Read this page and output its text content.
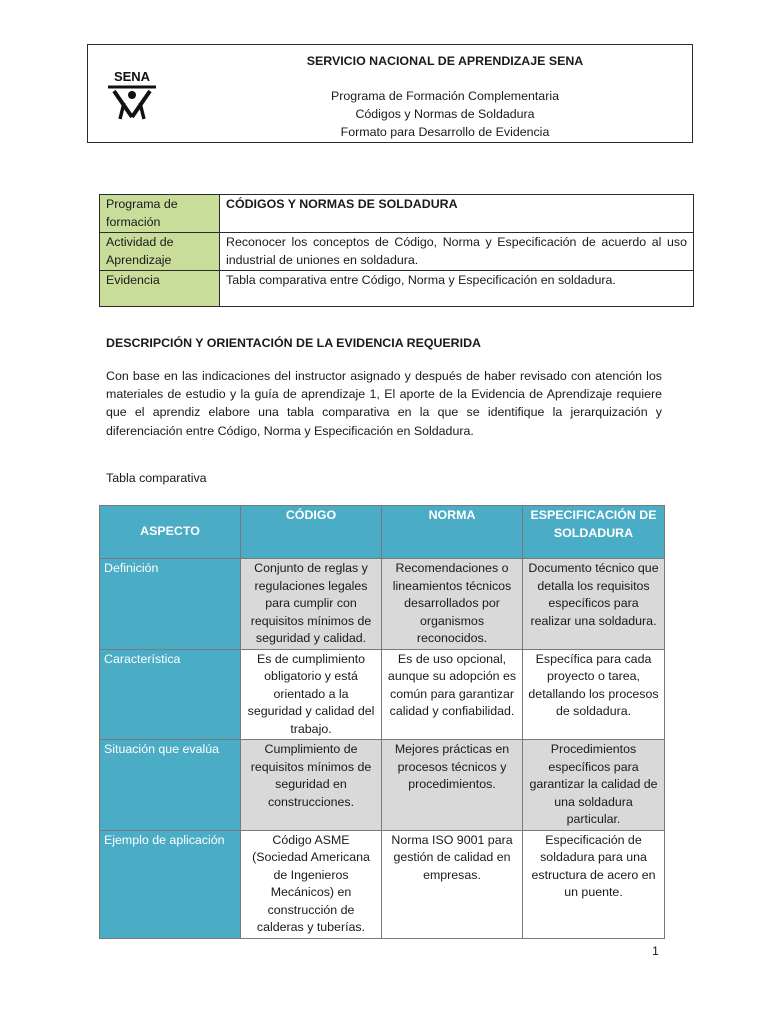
SENA
SERVICIO NACIONAL DE APRENDIZAJE SENA
Programa de Formación Complementaria
Códigos y Normas de Soldadura
Formato para Desarrollo de Evidencia
Programa de formación	CÓDIGOS Y NORMAS DE SOLDADURA
Actividad de Aprendizaje	Reconocer los conceptos de Código, Norma y Especificación de acuerdo al uso industrial de uniones en soldadura.
Evidencia	Tabla comparativa entre Código, Norma y Especificación en soldadura.
DESCRIPCIÓN Y ORIENTACIÓN DE LA EVIDENCIA REQUERIDA
Con base en las indicaciones del instructor asignado y después de haber revisado con atención los materiales de estudio y la guía de aprendizaje 1, El aporte de la Evidencia de Aprendizaje requiere que el aprendiz elabore una tabla comparativa en la que se identifique la jerarquización y diferenciación entre Código, Norma y Especificación en Soldadura.
Tabla comparativa
ASPECTO	CÓDIGO	NORMA	ESPECIFICACIÓN DE SOLDADURA
Definición	Conjunto de reglas y regulaciones legales para cumplir con requisitos mínimos de seguridad y calidad.	Recomendaciones o lineamientos técnicos desarrollados por organismos reconocidos.	Documento técnico que detalla los requisitos específicos para realizar una soldadura.
Característica	Es de cumplimiento obligatorio y está orientado a la seguridad y calidad del trabajo.	Es de uso opcional, aunque su adopción es común para garantizar calidad y confiabilidad.	Específica para cada proyecto o tarea, detallando los procesos de soldadura.
Situación que evalúa	Cumplimiento de requisitos mínimos de seguridad en construcciones.	Mejores prácticas en procesos técnicos y procedimientos.	Procedimientos específicos para garantizar la calidad de una soldadura particular.
Ejemplo de aplicación	Código ASME (Sociedad Americana de Ingenieros Mecánicos) en construcción de calderas y tuberías.	Norma ISO 9001 para gestión de calidad en empresas.	Especificación de soldadura para una estructura de acero en un puente.
1
